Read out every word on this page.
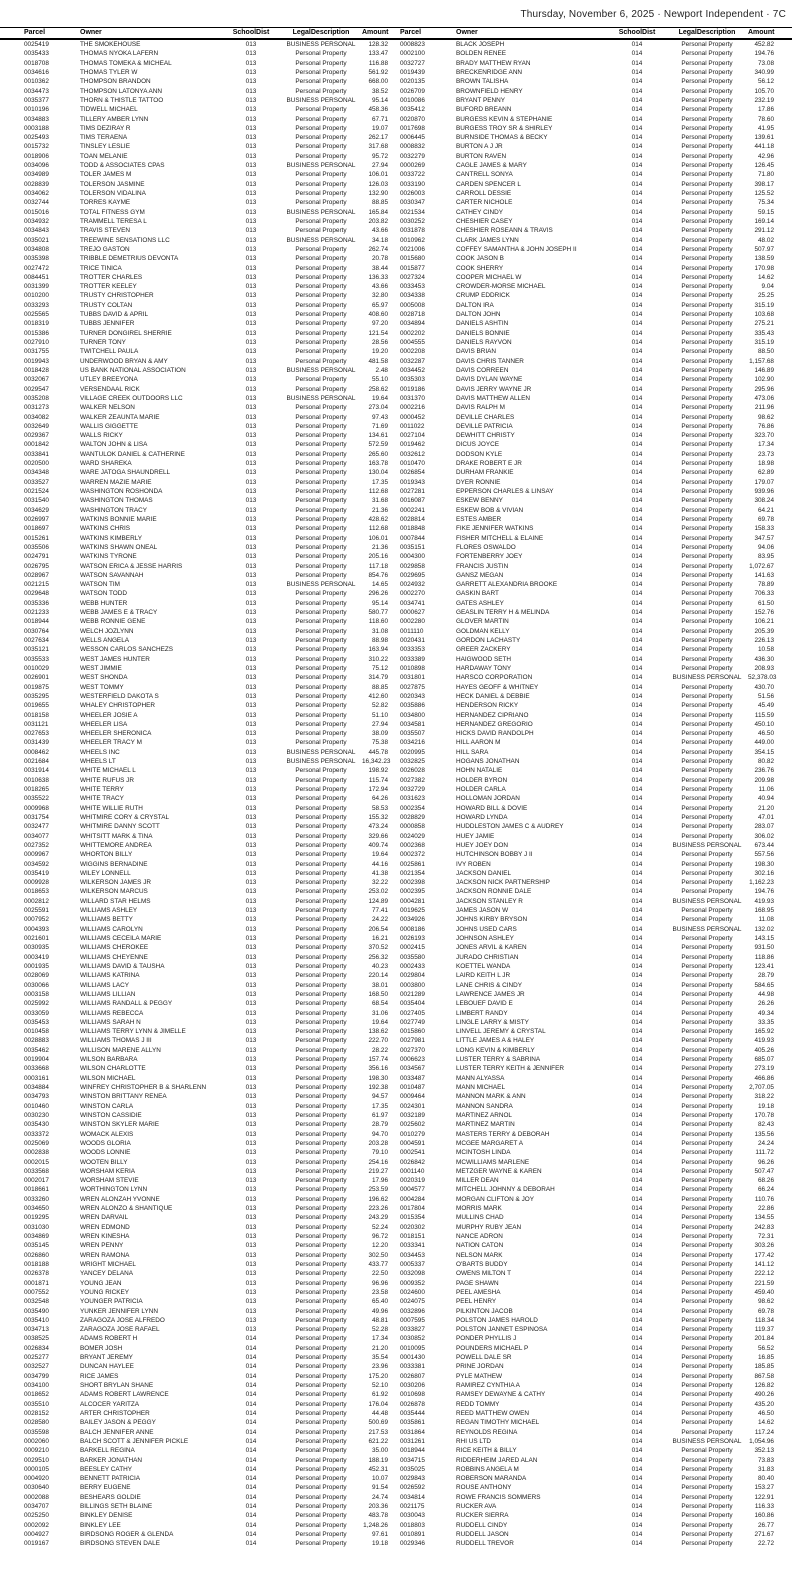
Thursday, November 6, 2025 · Newport Independent · 7C
Parcel	Owner	SchoolDist	LegalDescription	Amount
0025419	THE SMOKEHOUSE	013	BUSINESS PERSONAL	128.32
0035433	THOMAS NYOKA LAFERN	013	Personal Property	133.47
0018708	THOMAS TOMEKA & MICHEAL	013	Personal Property	116.88
0034616	THOMAS TYLER W	013	Personal Property	561.92
0010362	THOMPSON BRANDON	013	Personal Property	668.00
0034473	THOMPSON LATONYA ANN	013	Personal Property	38.52
0035377	THORN & THISTLE TATTOO	013	BUSINESS PERSONAL	95.14
0010196	TIDWELL MICHAEL	013	Personal Property	458.36
0034883	TILLERY AMBER LYNN	013	Personal Property	67.71
0003188	TIMS DEZIRAY R	013	Personal Property	19.07
0025493	TIMS TERAENA	013	Personal Property	262.17
0015732	TINSLEY LESLIE	013	Personal Property	317.68
0018906	TOAN MELANIE	013	Personal Property	95.72
0034096	TODD & ASSOCIATES CPAS	013	BUSINESS PERSONAL	27.94
0034989	TOLER JAMES M	013	Personal Property	106.01
0028839	TOLERSON JASMINE	013	Personal Property	126.03
0034062	TOLERSON VIDALINA	013	Personal Property	132.90
0032744	TORRES KAYME	013	Personal Property	88.85
0015016	TOTAL FITNESS GYM	013	BUSINESS PERSONAL	165.84
0034932	TRAMMELL TERESA L	013	Personal Property	203.82
0034843	TRAVIS STEVEN	013	Personal Property	43.66
0035021	TREEWINE SENSATIONS LLC	013	BUSINESS PERSONAL	34.18
0034808	TREJO GASTON	013	Personal Property	262.74
0035398	TRIBBLE DEMETRIUS DEVONTA	013	Personal Property	20.78
0027472	TRICE TINICA	013	Personal Property	38.44
0084451	TROTTER CHARLES	013	Personal Property	136.33
0031399	TROTTER KEELEY	013	Personal Property	43.66
0010200	TRUSTY CHRISTOPHER	013	Personal Property	32.80
0033293	TRUSTY COLTAN	013	Personal Property	65.97
0025565	TUBBS DAVID & APRIL	013	Personal Property	408.60
0018319	TUBBS JENNIFER	013	Personal Property	97.20
0015386	TURNER DONGIREL SHERRIE	013	Personal Property	121.54
0027910	TURNER TONY	013	Personal Property	28.56
0031755	TWITCHELL PAULA	013	Personal Property	19.20
0019943	UNDERWOOD BRYAN & AMY	013	Personal Property	481.58
0018428	US BANK NATIONAL ASSOCIATION	013	BUSINESS PERSONAL	2.48
0032067	UTLEY BREEYONA	013	Personal Property	55.10
0029547	VERSENDAAL RICK	013	Personal Property	258.62
0035208	VILLAGE CREEK OUTDOORS LLC	013	BUSINESS PERSONAL	19.64
0031273	WALKER NELSON	013	Personal Property	273.04
0034082	WALKER ZEAUNTA MARIE	013	Personal Property	97.43
0032649	WALLIS GIGGETTE	013	Personal Property	71.69
0029367	WALLS RICKY	013	Personal Property	134.61
0001842	WALTON JOHN & LISA	013	Personal Property	572.59
0033841	WANTULOK DANIEL & CATHERINE	013	Personal Property	265.60
0020500	WARD SHAREKA	013	Personal Property	163.78
0034348	WARE JATOGA SHAUNDRELL	013	Personal Property	130.04
0033527	WARREN MAZIE MARIE	013	Personal Property	17.35
0021524	WASHINGTON ROSHONDA	013	Personal Property	112.68
0031540	WASHINGTON THOMAS	013	Personal Property	31.68
0034629	WASHINGTON TRACY	013	Personal Property	21.36
0026997	WATKINS BONNIE MARIE	013	Personal Property	428.62
0018697	WATKINS CHRIS	013	Personal Property	112.68
0015261	WATKINS KIMBERLY	013	Personal Property	106.01
0035506	WATKINS SHAWN ONEAL	013	Personal Property	21.36
0024791	WATKINS TYRONE	013	Personal Property	205.16
0026795	WATSON ERICA & JESSE HARRIS	013	Personal Property	117.18
0028967	WATSON SAVANNAH	013	Personal Property	854.76
0021215	WATSON TIM	013	BUSINESS PERSONAL	14.65
0029648	WATSON TODD	013	Personal Property	296.26
0035336	WEBB HUNTER	013	Personal Property	95.14
0021233	WEBB JAMES E & TRACY	013	Personal Property	580.77
0018944	WEBB RONNIE GENE	013	Personal Property	118.60
0030764	WELCH JOZLYNN	013	Personal Property	31.08
0027634	WELLS ANGELA	013	Personal Property	88.98
0035121	WESSON CARLOS SANCHEZS	013	Personal Property	163.94
0035533	WEST JAMES HUNTER	013	Personal Property	310.22
0010029	WEST JIMMIE	013	Personal Property	75.12
0026901	WEST SHONDA	013	Personal Property	314.79
0019875	WEST TOMMY	013	Personal Property	88.85
0035295	WESTERFIELD DAKOTA S	013	Personal Property	412.60
0019655	WHALEY CHRISTOPHER	013	Personal Property	52.82
0018158	WHEELER JOSIE A	013	Personal Property	51.10
0031121	WHEELER LISA	013	Personal Property	27.94
0027653	WHEELER SHERONICA	013	Personal Property	38.09
0031439	WHEELER TRACY M	013	Personal Property	75.38
0008462	WHEELS INC	013	BUSINESS PERSONAL	445.78
0021684	WHEELS LT	013	BUSINESS PERSONAL	16,342.23
0031914	WHITE MICHAEL L	013	Personal Property	198.92
0010638	WHITE RUFUS JR	013	Personal Property	115.74
0018265	WHITE TERRY	013	Personal Property	172.94
0035522	WHITE TRACY	013	Personal Property	64.26
0009968	WHITE WILLIE RUTH	013	Personal Property	58.53
0031754	WHITMIRE CORY & CRYSTAL	013	Personal Property	155.32
0032477	WHITMIRE DANNY SCOTT	013	Personal Property	473.24
0034077	WHITSITT MARK & TINA	013	Personal Property	329.66
0027352	WHITTEMORE ANDREA	013	Personal Property	409.74
0009967	WHORTON BILLY	013	Personal Property	19.64
0034592	WIGGINS BERNADINE	013	Personal Property	44.16
0035419	WILEY LONNELL	013	Personal Property	41.38
0009928	WILKERSON JAMES JR	013	Personal Property	32.22
0018653	WILKERSON MARCUS	013	Personal Property	253.02
0002812	WILLARD STAR HELMS	013	Personal Property	124.89
0025591	WILLIAMS ASHLEY	013	Personal Property	77.41
0007952	WILLIAMS BETTY	013	Personal Property	24.22
0004393	WILLIAMS CAROLYN	013	Personal Property	206.54
0021601	WILLIAMS CECEILA MARIE	013	Personal Property	16.21
0030935	WILLIAMS CHEROKEE	013	Personal Property	370.52
0003419	WILLIAMS CHEYENNE	013	Personal Property	256.32
0001935	WILLIAMS DAVID & TAUSHA	013	Personal Property	40.23
0028069	WILLIAMS KATRINA	013	Personal Property	220.14
0030066	WILLIAMS LACY	013	Personal Property	38.01
0003158	WILLIAMS LILLIAN	013	Personal Property	168.50
0025992	WILLIAMS RANDALL & PEGGY	013	Personal Property	68.54
0033059	WILLIAMS REBECCA	013	Personal Property	31.06
0035453	WILLIAMS SARAH N	013	Personal Property	19.64
0010458	WILLIAMS TERRY LYNN & JIMELLE	013	Personal Property	138.62
0028883	WILLIAMS THOMAS J III	013	Personal Property	222.70
0035462	WILLISON MARENE ALLYN	013	Personal Property	28.22
0019904	WILSON BARBARA	013	Personal Property	157.74
0033668	WILSON CHARLOTTE	013	Personal Property	356.16
0003161	WILSON MICHAEL	013	Personal Property	198.30
0034884	WINFREY CHRISTOPHER B & SHARLENN	013	Personal Property	192.38
0034793	WINSTON BRITTANY RENEA	013	Personal Property	94.57
0010460	WINSTON CARLA	013	Personal Property	17.35
0030230	WINSTON CASSIDIE	013	Personal Property	61.97
0035430	WINSTON SKYLER MARIE	013	Personal Property	28.79
0033372	WOMACK ALEXIS	013	Personal Property	94.70
0025069	WOODS GLORIA	013	Personal Property	203.28
0002838	WOODS LONNIE	013	Personal Property	79.10
0002015	WOOTEN BILLY	013	Personal Property	254.16
0033568	WORSHAM KERIA	013	Personal Property	219.27
0002017	WORSHAM STEVIE	013	Personal Property	17.96
0018661	WORTHINGTON LYNN	013	Personal Property	253.59
0033260	WREN ALONZAH YVONNE	013	Personal Property	196.62
0034650	WREN ALONZO & SHANTIQUE	013	Personal Property	223.26
0019295	WREN DARVAIL	013	Personal Property	243.29
0031030	WREN EDMOND	013	Personal Property	52.24
0034869	WREN KINESHA	013	Personal Property	96.72
0035145	WREN PENNY	013	Personal Property	12.20
0026860	WREN RAMONA	013	Personal Property	302.50
0018188	WRIGHT MICHAEL	013	Personal Property	433.77
0026378	YANCEY DELANA	013	Personal Property	22.50
0001871	YOUNG JEAN	013	Personal Property	96.96
0007552	YOUNG RICKEY	013	Personal Property	23.58
0032548	YOUNGER PATRICIA	013	Personal Property	65.40
0035490	YUNKER JENNIFER LYNN	013	Personal Property	49.96
0035410	ZARAGOZA JOSE ALFREDO	013	Personal Property	48.81
0034713	ZARAGOZA JOSE RAFAEL	013	Personal Property	52.28
0038525	ADAMS ROBERT H	014	Personal Property	17.34
0026834	BOMER JOSH	014	Personal Property	21.20
0025277	BRYANT JEREMY	014	Personal Property	35.54
0032527	DUNCAN HAYLEE	014	Personal Property	23.96
0034799	RICE JAMES	014	Personal Property	175.20
0034100	SHORT BRYLAN SHANE	014	Personal Property	52.10
0018652	ADAMS ROBERT LAWRENCE	014	Personal Property	61.92
0035510	ALCOCER YARITZA	014	Personal Property	176.04
0028152	ARTER CHRISTOPHER	014	Personal Property	44.48
0028580	BAILEY JASON & PEGGY	014	Personal Property	500.69
0035598	BALCH JENNIFER ANNE	014	Personal Property	217.53
0002060	BALCH SCOTT & JENNIFER PICKLE	014	Personal Property	621.22
0009210	BARKELL REGINA	014	Personal Property	35.00
0029510	BARKER JONATHAN	014	Personal Property	188.19
0000105	BEESLEY CATHY	014	Personal Property	452.31
0004920	BENNETT PATRICIA	014	Personal Property	10.07
0030640	BERRY EUGENE	014	Personal Property	91.54
0002088	BESHEARS GOLDIE	014	Personal Property	24.74
0034707	BILLINGS SETH BLAINE	014	Personal Property	203.36
0025250	BINKLEY DENISE	014	Personal Property	483.78
0002092	BINKLEY LEE	014	Personal Property	1,248.26
0004927	BIRDSONG ROGER & GLENDA	014	Personal Property	97.61
0019167	BIRDSONG STEVEN DALE	014	Personal Property	19.18
Parcel	Owner	SchoolDist	LegalDescription	Amount
0008823	BLACK JOSEPH	014	Personal Property	452.82
0002100	BOLDEN RENEE	014	Personal Property	194.76
0032727	BRADY MATTHEW RYAN	014	Personal Property	73.08
0019439	BRECKENRIDGE ANN	014	Personal Property	340.99
0020135	BROWN TALISHA	014	Personal Property	56.12
0026709	BROWNFIELD HENRY	014	Personal Property	105.70
0010086	BRYANT PENNY	014	Personal Property	232.19
0035412	BUFORD BREANN	014	Personal Property	17.86
0020870	BURGESS KEVIN & STEPHANIE	014	Personal Property	78.60
0017698	BURGESS TROY SR & SHIRLEY	014	Personal Property	41.95
0006445	BURNSIDE THOMAS & BECKY	014	Personal Property	139.61
0008832	BURTON A J JR	014	Personal Property	441.18
0032279	BURTON RAVEN	014	Personal Property	42.96
0000269	CAGLE JAMES & MARY	014	Personal Property	126.45
0033722	CANTRELL SONYA	014	Personal Property	71.80
0033190	CARDEN SPENCER L	014	Personal Property	398.17
0026003	CARROLL DESSIE	014	Personal Property	125.52
0030347	CARTER NICHOLE	014	Personal Property	75.34
0021534	CATHEY CINDY	014	Personal Property	59.15
0030252	CHESHIER CASEY	014	Personal Property	169.14
0031878	CHESHIER ROSEANN & TRAVIS	014	Personal Property	291.12
0010962	CLARK JAMES LYNN	014	Personal Property	48.02
0021006	COFFEY SAMANTHA & JOHN JOSEPH II	014	Personal Property	507.97
0015680	COOK JASON B	014	Personal Property	138.59
0015877	COOK SHERRY	014	Personal Property	170.98
0027324	COOPER MICHAEL W	014	Personal Property	14.62
0033453	CROWDER-MORSE MICHAEL	014	Personal Property	9.04
0034338	CRUMP EDDRICK	014	Personal Property	25.25
0005008	DALTON IRA	014	Personal Property	315.19
0028718	DALTON JOHN	014	Personal Property	103.68
0034894	DANIELS ASHTIN	014	Personal Property	275.21
0002202	DANIELS BONNIE	014	Personal Property	335.43
0004555	DANIELS RAYVON	014	Personal Property	315.19
0002208	DAVIS BRIAN	014	Personal Property	88.50
0032287	DAVIS CHRIS TANNER	014	Personal Property	1,157.68
0034452	DAVIS CORREEN	014	Personal Property	146.89
0035303	DAVIS DYLAN WAYNE	014	Personal Property	102.90
0019186	DAVIS JERRY WAYNE JR	014	Personal Property	295.96
0031370	DAVIS MATTHEW ALLEN	014	Personal Property	473.06
0002216	DAVIS RALPH M	014	Personal Property	211.96
0000452	DEVILLE CHARLES	014	Personal Property	98.62
0011022	DEVILLE PATRICIA	014	Personal Property	76.86
0027104	DEWHITT CHRISTY	014	Personal Property	323.70
0019462	DICUS JOYCE	014	Personal Property	17.34
0032612	DODSON KYLE	014	Personal Property	23.73
0010470	DRAKE ROBERT E JR	014	Personal Property	18.98
0026854	DURHAM FRANKIE	014	Personal Property	62.89
0019343	DYER RONNIE	014	Personal Property	179.07
0027281	EPPERSON CHARLES & LINSAY	014	Personal Property	939.96
0016087	ESKEW BENNY	014	Personal Property	308.24
0002241	ESKEW BOB & VIVIAN	014	Personal Property	64.21
0028814	ESTES AMBER	014	Personal Property	69.78
0018848	FIKE JENNIFER WATKINS	014	Personal Property	158.33
0007844	FISHER MITCHELL & ELAINE	014	Personal Property	347.57
0035151	FLORES OSWALDO	014	Personal Property	94.06
0004300	FORTENBERRY JOEY	014	Personal Property	83.95
0029858	FRANCIS JUSTIN	014	Personal Property	1,072.67
0029695	GANSZ MEGAN	014	Personal Property	141.63
0024932	GARRETT ALEXANDRIA BROOKE	014	Personal Property	78.89
0002270	GASKIN BART	014	Personal Property	706.33
0034741	GATES ASHLEY	014	Personal Property	61.50
0000627	GEASLIN TERRY H & MELINDA	014	Personal Property	152.76
0002280	GLOVER MARTIN	014	Personal Property	106.21
0011110	GOLDMAN KELLY	014	Personal Property	205.39
0020431	GORDON LACHASTY	014	Personal Property	226.13
0033353	GREER ZACKERY	014	Personal Property	10.58
0033389	HAIGWOOD SETH	014	Personal Property	436.30
0010898	HARDAWAY TONY	014	Personal Property	208.93
0031801	HARSCO CORPORATION	014	BUSINESS PERSONAL	52,378.03
0027875	HAYES GEOFF & WHITNEY	014	Personal Property	430.70
0020343	HECK DANIEL & DEBBIE	014	Personal Property	51.56
0035886	HENDERSON RICKY	014	Personal Property	45.49
0034800	HERNANDEZ CIPRIANO	014	Personal Property	115.59
0034581	HERNANDEZ GREGORIO	014	Personal Property	450.10
0035507	HICKS DAVID RANDOLPH	014	Personal Property	46.50
0034216	HILL AARON M	014	Personal Property	449.00
0020995	HILL SARA	014	Personal Property	354.15
0032825	HOGANS JONATHAN	014	Personal Property	80.82
0026028	HOHN NATALIE	014	Personal Property	236.76
0027382	HOLDER BYRON	014	Personal Property	209.98
0032729	HOLDER CARLA	014	Personal Property	11.06
0031623	HOLLOMAN JORDAN	014	Personal Property	40.94
0002354	HOWARD BILL & DOVIE	014	Personal Property	21.20
0028829	HOWARD LYNDA	014	Personal Property	47.01
0000858	HUDDLESTON JAMES C & AUDREY	014	Personal Property	283.07
0024029	HUEY JAMIE	014	Personal Property	306.02
0002368	HUEY JOEY DON	014	BUSINESS PERSONAL	673.44
0002372	HUTCHINSON BOBBY J II	014	Personal Property	557.56
0025861	IVY ROBEN	014	Personal Property	198.30
0021354	JACKSON DANIEL	014	Personal Property	302.16
0002398	JACKSON NICK PARTNERSHIP	014	Personal Property	1,162.23
0002395	JACKSON RONNIE DALE	014	Personal Property	194.76
0004281	JACKSON STANLEY R	014	BUSINESS PERSONAL	419.93
0019625	JAMES JASON W	014	Personal Property	168.95
0034926	JOHNS KIRBY BRYSON	014	Personal Property	11.08
0008186	JOHNS USED CARS	014	BUSINESS PERSONAL	132.02
0026193	JOHNSON ASHLEY	014	Personal Property	143.15
0002415	JONES ARVIL & KAREN	014	Personal Property	931.50
0035580	JURADO CHRISTIAN	014	Personal Property	118.86
0002433	KOETTEL WANDA	014	Personal Property	123.41
0029804	LAIRD KEITH L JR	014	Personal Property	28.79
0003800	LANE CHRIS & CINDY	014	Personal Property	584.65
0021289	LAWRENCE JAMES JR	014	Personal Property	44.98
0035404	LEBOUEF DAVID E	014	Personal Property	26.26
0027405	LIMBERT RANDY	014	Personal Property	49.34
0027749	LINGLE LARRY & MISTY	014	Personal Property	33.35
0015860	LINVELL JEREMY & CRYSTAL	014	Personal Property	165.92
0027981	LITTLE JAMES A & HALEY	014	Personal Property	419.93
0027370	LONG KEVIN & KIMBERLY	014	Personal Property	405.26
0006623	LUSTER TERRY & SABRINA	014	Personal Property	685.07
0034567	LUSTER TERRY KEITH & JENNIFER	014	Personal Property	273.19
0033487	MANN ALYASSA	014	Personal Property	466.86
0010487	MANN MICHAEL	014	Personal Property	2,707.05
0009464	MANNON MARK & ANN	014	Personal Property	318.22
0024301	MANNON SANDRA	014	Personal Property	19.18
0032189	MARTINEZ ARNOL	014	Personal Property	170.78
0025602	MARTINEZ MARTIN	014	Personal Property	82.43
0010279	MASTERS TERRY & DEBORAH	014	Personal Property	135.56
0004591	MCGEE MARGARET A	014	Personal Property	24.24
0002541	MCINTOSH LINDA	014	Personal Property	111.72
0026842	MCWILLIAMS MARLENE	014	Personal Property	96.26
0001140	METZGER WAYNE & KAREN	014	Personal Property	507.47
0020319	MILLER DEAN	014	Personal Property	68.26
0004577	MITCHELL JOHNNY & DEBORAH	014	Personal Property	66.24
0004284	MORGAN CLIFTON & JOY	014	Personal Property	110.76
0017804	MORRIS MARK	014	Personal Property	22.86
0015354	MULLINS CHAD	014	Personal Property	134.55
0020302	MURPHY RUBY JEAN	014	Personal Property	242.83
0018151	NANCE ADRON	014	Personal Property	72.31
0033341	NATION CATON	014	Personal Property	303.26
0034453	NELSON MARK	014	Personal Property	177.42
0005337	O'BARTS BUDDY	014	Personal Property	141.12
0032098	OWENS MILTON T	014	Personal Property	222.12
0009352	PAGE SHAWN	014	Personal Property	221.59
0024600	PEEL AMESHA	014	Personal Property	459.40
0024075	PEEL HENRY	014	Personal Property	98.62
0032896	PILKINTON JACOB	014	Personal Property	69.78
0007595	POLSTON JAMES HAROLD	014	Personal Property	118.34
0033827	POLSTON JANNET ESPINOSA	014	Personal Property	119.37
0030852	PONDER PHYLLIS J	014	Personal Property	201.84
0010095	POUNDERS MICHAEL P	014	Personal Property	56.52
0001430	POWELL DALE SR	014	Personal Property	16.85
0033381	PRINE JORDAN	014	Personal Property	185.85
0026807	PYLE MATHEW	014	Personal Property	867.58
0030206	RAMIREZ CYNTHIA A	014	Personal Property	126.82
0010698	RAMSEY DEWAYNE & CATHY	014	Personal Property	490.26
0026878	REDD TOMMY	014	Personal Property	435.20
0035444	REED MATTHEW OWEN	014	Personal Property	46.50
0035861	REGAN TIMOTHY MICHAEL	014	Personal Property	14.62
0031864	REYNOLDS REGINA	014	Personal Property	117.24
0031261	RHI US LTD	014	BUSINESS PERSONAL	1,054.96
0018944	RICE KEITH & BILLY	014	Personal Property	352.13
0034715	RIDDERHEIM JARED ALAN	014	Personal Property	73.83
0035025	ROBBINS ANGELA M	014	Personal Property	31.83
0029843	ROBERSON MARANDA	014	Personal Property	80.40
0026592	ROUSE ANTHONY	014	Personal Property	153.27
0034814	ROWE FRANCIS SOMMERS	014	Personal Property	122.91
0021175	RUCKER AVA	014	Personal Property	116.33
0030043	RUCKER SIERRA	014	Personal Property	160.86
0018803	RUDDELL CINDY	014	Personal Property	26.77
0010891	RUDDELL JASON	014	Personal Property	271.67
0029346	RUDDELL TREVOR	014	Personal Property	22.72
